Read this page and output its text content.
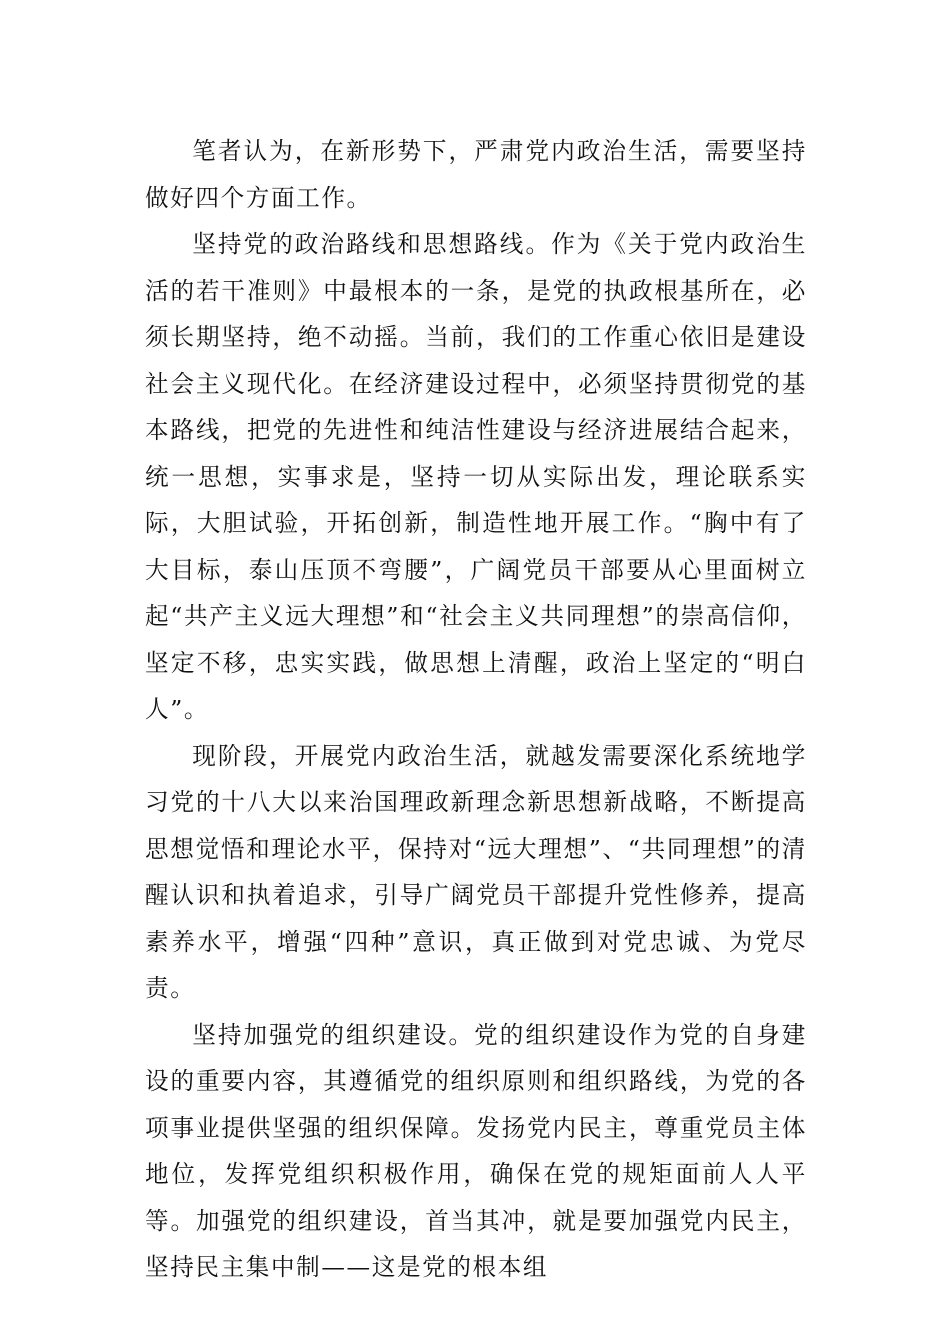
笔者认为，在新形势下，严肃党内政治生活，需要坚持做好四个方面工作。

坚持党的政治路线和思想路线。作为《关于党内政治生活的若干准则》中最根本的一条，是党的执政根基所在，必须长期坚持，绝不动摇。当前，我们的工作重心依旧是建设社会主义现代化。在经济建设过程中，必须坚持贯彻党的基本路线，把党的先进性和纯洁性建设与经济进展结合起来，统一思想，实事求是，坚持一切从实际出发，理论联系实际，大胆试验，开拓创新，制造性地开展工作。“胸中有了大目标，泰山压顶不弯腰”，广阔党员干部要从心里面树立起“共产主义远大理想”和“社会主义共同理想”的崇高信仰，坚定不移，忠实实践，做思想上清醒，政治上坚定的“明白人”。

现阶段，开展党内政治生活，就越发需要深化系统地学习党的十八大以来治国理政新理念新思想新战略，不断提高思想觉悟和理论水平，保持对“远大理想”、“共同理想”的清醒认识和执着追求，引导广阔党员干部提升党性修养，提高素养水平，增强“四种”意识，真正做到对党忠诚、为党尽责。

坚持加强党的组织建设。党的组织建设作为党的自身建设的重要内容，其遵循党的组织原则和组织路线，为党的各项事业提供坚强的组织保障。发扬党内民主，尊重党员主体地位，发挥党组织积极作用，确保在党的规矩面前人人平等。加强党的组织建设，首当其冲，就是要加强党内民主，坚持民主集中制——这是党的根本组
